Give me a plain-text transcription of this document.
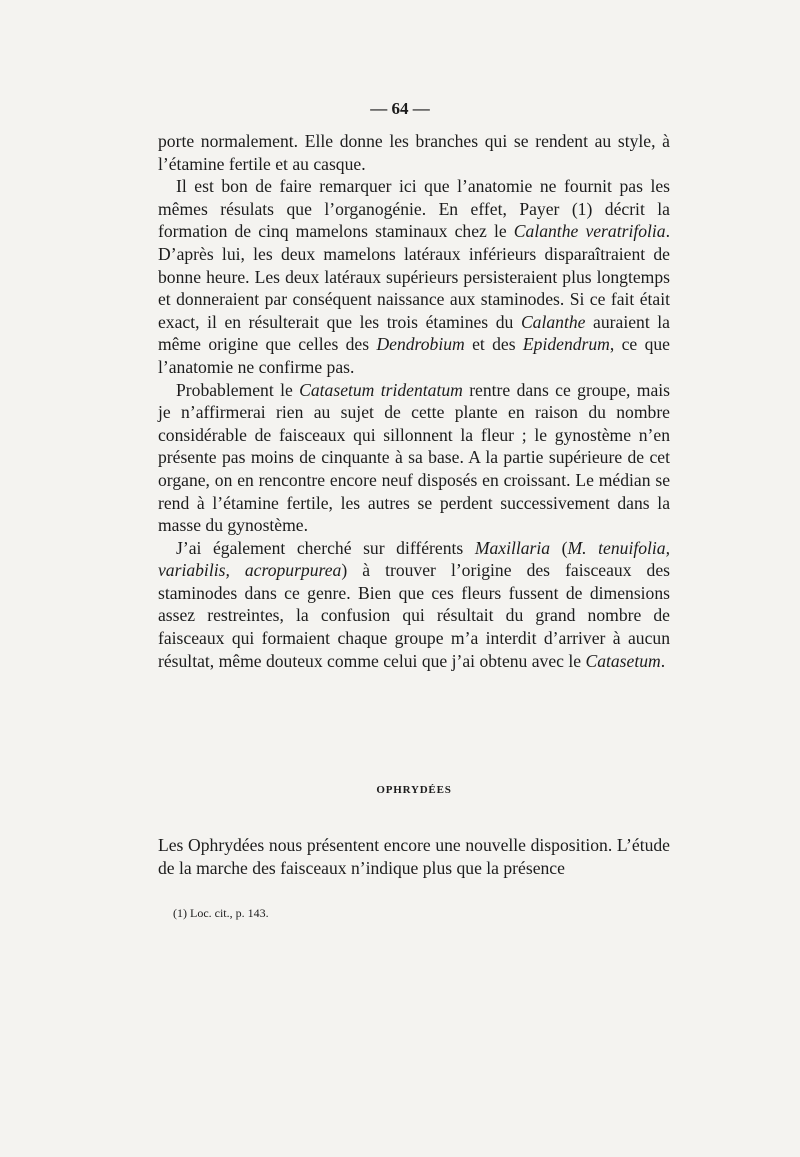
— 64 —

porte normalement. Elle donne les branches qui se rendent au style, à l’étamine fertile et au casque.

Il est bon de faire remarquer ici que l’anatomie ne fournit pas les mêmes résulats que l’organogénie. En effet, Payer (1) décrit la formation de cinq mamelons staminaux chez le Calanthe veratrifolia. D’après lui, les deux mamelons latéraux inférieurs disparaîtraient de bonne heure. Les deux latéraux supérieurs persisteraient plus longtemps et donneraient par conséquent naissance aux staminodes. Si ce fait était exact, il en résulterait que les trois étamines du Calanthe auraient la même origine que celles des Dendrobium et des Epidendrum, ce que l’anatomie ne confirme pas.

Probablement le Catasetum tridentatum rentre dans ce groupe, mais je n’affirmerai rien au sujet de cette plante en raison du nombre considérable de faisceaux qui sillonnent la fleur ; le gynostème n’en présente pas moins de cinquante à sa base. A la partie supérieure de cet organe, on en rencontre encore neuf disposés en croissant. Le médian se rend à l’étamine fertile, les autres se perdent successivement dans la masse du gynostème.

J’ai également cherché sur différents Maxillaria (M. tenuifolia, variabilis, acropurpurea) à trouver l’origine des faisceaux des staminodes dans ce genre. Bien que ces fleurs fussent de dimensions assez restreintes, la confusion qui résultait du grand nombre de faisceaux qui formaient chaque groupe m’a interdit d’arriver à aucun résultat, même douteux comme celui que j’ai obtenu avec le Catasetum.

OPHRYDÉES

Les Ophrydées nous présentent encore une nouvelle disposition. L’étude de la marche des faisceaux n’indique plus que la présence

(1) Loc. cit., p. 143.
